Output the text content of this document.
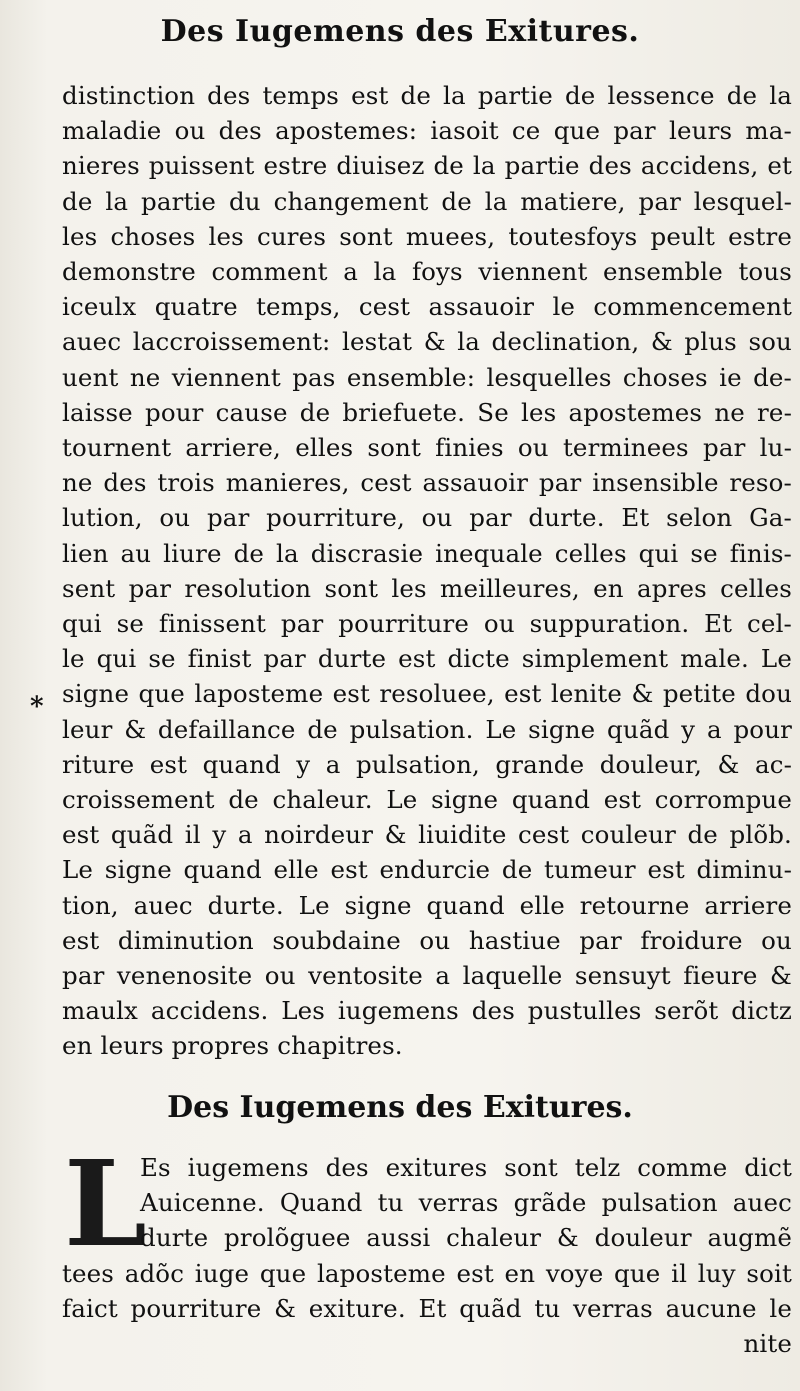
Des Iugemens des Exitures.
*
distinction des temps est de la partie de lessence de la
maladie ou des apostemes: iasoit ce que par leurs ma-
nieres puissent estre diuisez de la partie des accidens, et
de la partie du changement de la matiere, par lesquel-
les choses les cures sont muees, toutesfoys peult estre
demonstre comment a la foys viennent ensemble tous
iceulx quatre temps, cest assauoir le commencement
auec laccroissement: lestat & la declination, & plus sou
uent ne viennent pas ensemble: lesquelles choses ie de-
laisse pour cause de briefuete. Se les apostemes ne re-
tournent arriere, elles sont finies ou terminees par lu-
ne des trois manieres, cest assauoir par insensible reso-
lution, ou par pourriture, ou par durte. Et selon Ga-
lien au liure de la discrasie inequale celles qui se finis-
sent par resolution sont les meilleures, en apres celles
qui se finissent par pourriture ou suppuration. Et cel-
le qui se finist par durte est dicte simplement male. Le
signe que laposteme est resoluee, est lenite & petite dou
leur & defaillance de pulsation. Le signe quãd y a pour
riture est quand y a pulsation, grande douleur, & ac-
croissement de chaleur. Le signe quand est corrompue
est quãd il y a noirdeur & liuidite cest couleur de plõb.
Le signe quand elle est endurcie de tumeur est diminu-
tion, auec durte. Le signe quand elle retourne arriere
est diminution soubdaine ou hastiue par froidure ou
par venenosite ou ventosite a laquelle sensuyt fieure &
maulx accidens. Les iugemens des pustulles serõt dictz
en leurs propres chapitres.
Des Iugemens des Exitures.
L
Es iugemens des exitures sont telz comme dict
Auicenne. Quand tu verras grãde pulsation auec
durte prolõguee aussi chaleur & douleur augmẽ
tees adõc iuge que laposteme est en voye que il luy soit
faict pourriture & exiture. Et quãd tu verras aucune le
nite
